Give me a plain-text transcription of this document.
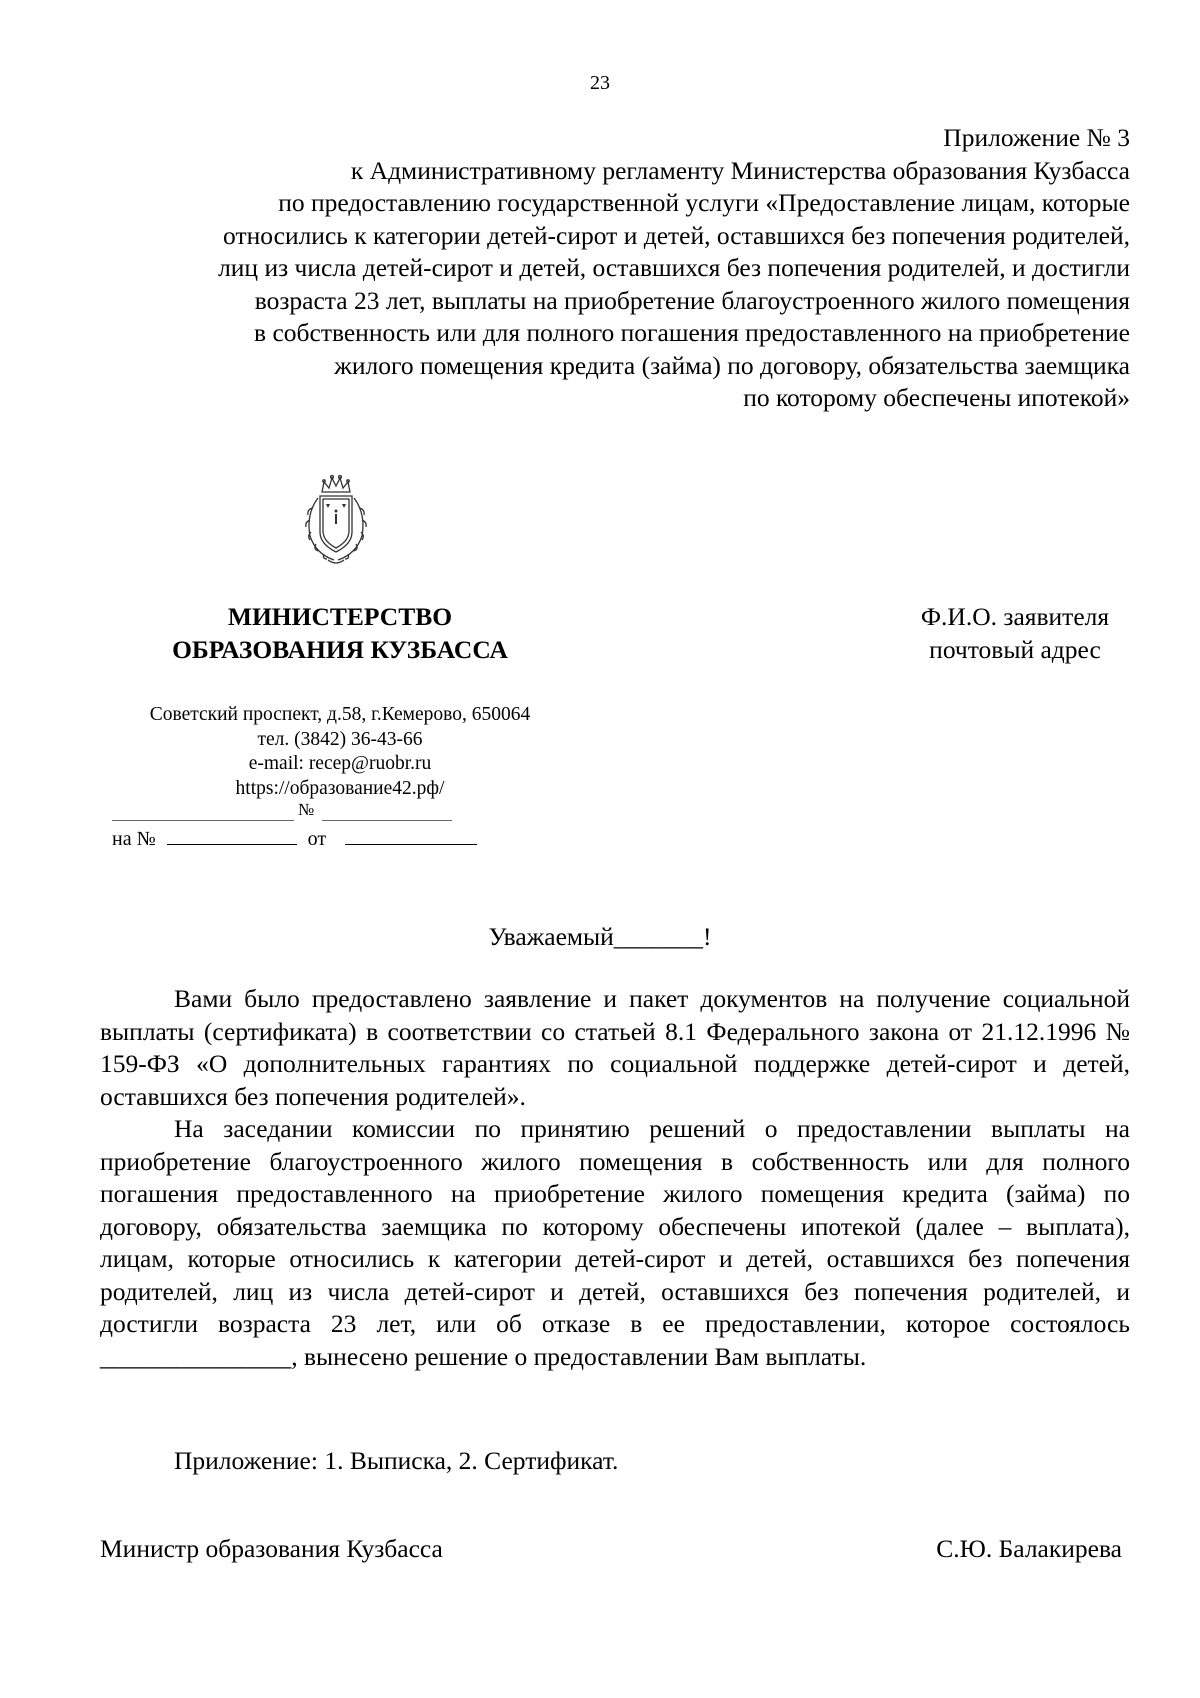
23
Приложение № 3
к Административному регламенту Министерства образования Кузбасса
по предоставлению государственной услуги «Предоставление лицам, которые
относились к категории детей-сирот и детей, оставшихся без попечения родителей,
лиц из числа детей-сирот и детей, оставшихся без попечения родителей, и достигли
возраста 23 лет, выплаты на приобретение благоустроенного жилого помещения
в собственность или для полного погашения предоставленного на приобретение
жилого помещения кредита (займа) по договору, обязательства заемщика
по которому обеспечены ипотекой»
МИНИСТЕРСТВО
ОБРАЗОВАНИЯ КУЗБАССА
Ф.И.О. заявителя
почтовый адрес
Советский проспект, д.58, г.Кемерово, 650064
тел. (3842) 36-43-66
e-mail: recep@ruobr.ru
https://образование42.рф/
№
на №	от
Уважаемый_______!

Вами было предоставлено заявление и пакет документов на получение социальной выплаты (сертификата) в соответствии со статьей 8.1 Федерального закона от 21.12.1996 № 159-ФЗ «О дополнительных гарантиях по социальной поддержке детей-сирот и детей, оставшихся без попечения родителей».

На заседании комиссии по принятию решений о предоставлении выплаты на приобретение благоустроенного жилого помещения в собственность или для полного погашения предоставленного на приобретение жилого помещения кредита (займа) по договору, обязательства заемщика по которому обеспечены ипотекой (далее – выплата), лицам, которые относились к категории детей-сирот и детей, оставшихся без попечения родителей, лиц из числа детей-сирот и детей, оставшихся без попечения родителей, и достигли возраста 23 лет, или об отказе в ее предоставлении, которое состоялось _______________, вынесено решение о предоставлении Вам выплаты.

Приложение: 1. Выписка, 2. Сертификат.
Министр образования Кузбасса	С.Ю. Балакирева
